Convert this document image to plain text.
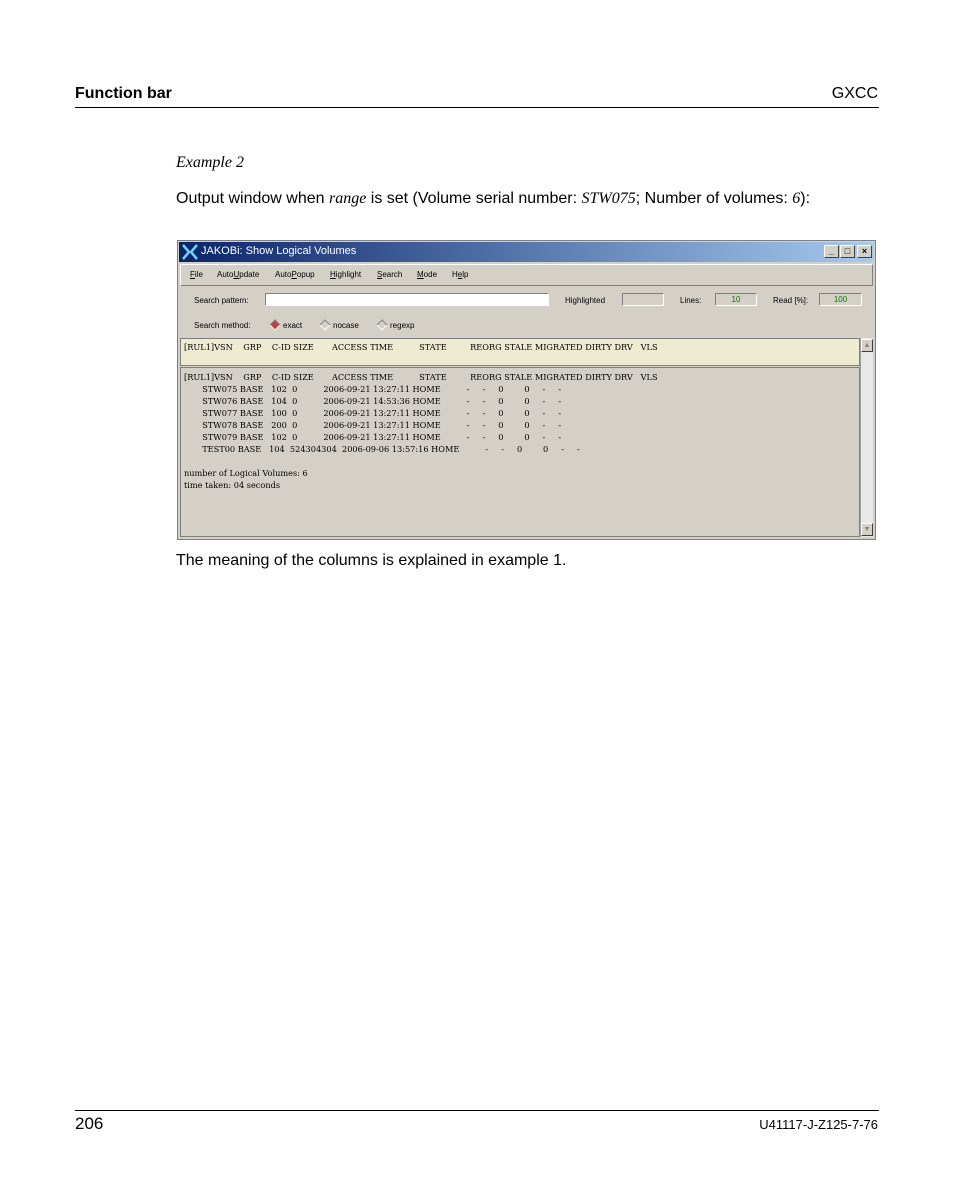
Function bar	GXCC
Example 2
Output window when range is set (Volume serial number: STW075; Number of volumes: 6):
JAKOBi: Show Logical Volumes	_	□	×
File AutoUpdate AutoPopup Highlight Search Mode Help
Search pattern:	Highlighted	Lines:	10	Read [%]:	100
Search method:	exact	nocase	regexp
[RUL1]VSN    GRP    C-ID SIZE       ACCESS TIME          STATE         REORG STALE MIGRATED DIRTY DRV   VLS
[RUL1]VSN    GRP    C-ID SIZE       ACCESS TIME          STATE         REORG STALE MIGRATED DIRTY DRV   VLS
STW075 BASE   102  0          2006-09-21 13:27:11 HOME          -     -     0        0     -     -
STW076 BASE   104  0          2006-09-21 14:53:36 HOME          -     -     0        0     -     -
STW077 BASE   100  0          2006-09-21 13:27:11 HOME          -     -     0        0     -     -
STW078 BASE   200  0          2006-09-21 13:27:11 HOME          -     -     0        0     -     -
STW079 BASE   102  0          2006-09-21 13:27:11 HOME          -     -     0        0     -     -
TEST00 BASE   104  524304304  2006-09-06 13:57:16 HOME          -     -     0        0     -     -
number of Logical Volumes: 6
time taken: 04 seconds
▲
▼
The meaning of the columns is explained in example 1.
206	U41117-J-Z125-7-76
